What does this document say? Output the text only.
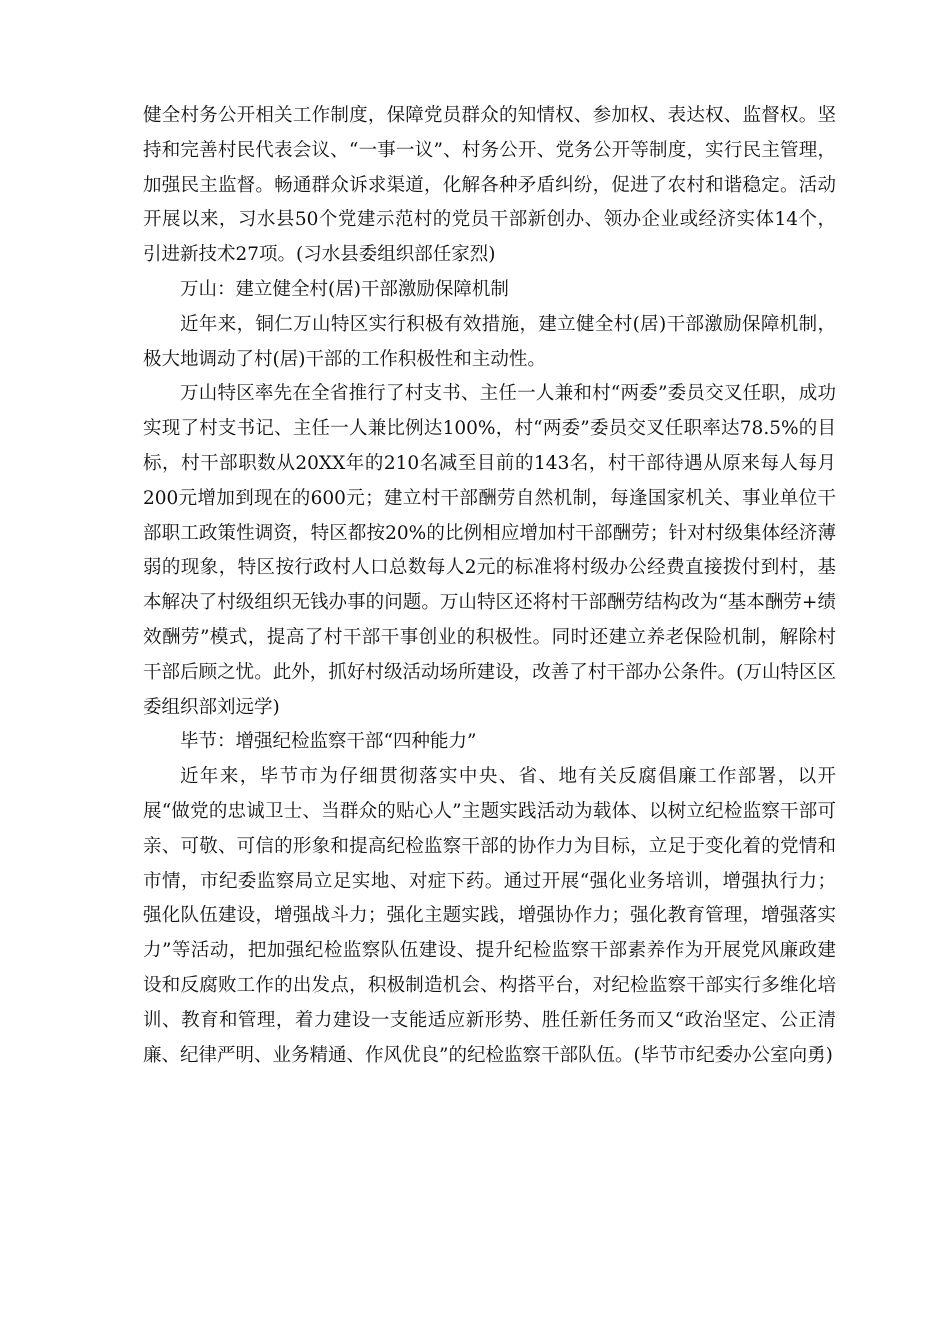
健全村务公开相关工作制度，保障党员群众的知情权、参加权、表达权、监督权。坚持和完善村民代表会议、“一事一议”、村务公开、党务公开等制度，实行民主管理，加强民主监督。畅通群众诉求渠道，化解各种矛盾纠纷，促进了农村和谐稳定。活动开展以来，习水县50个党建示范村的党员干部新创办、领办企业或经济实体14个，引进新技术27项。(习水县委组织部任家烈)

万山：建立健全村(居)干部激励保障机制

近年来，铜仁万山特区实行积极有效措施，建立健全村(居)干部激励保障机制，极大地调动了村(居)干部的工作积极性和主动性。

万山特区率先在全省推行了村支书、主任一人兼和村“两委”委员交叉任职，成功实现了村支书记、主任一人兼比例达100%，村“两委”委员交叉任职率达78.5%的目标，村干部职数从20XX年的210名减至目前的143名，村干部待遇从原来每人每月200元增加到现在的600元；建立村干部酬劳自然机制，每逢国家机关、事业单位干部职工政策性调资，特区都按20%的比例相应增加村干部酬劳；针对村级集体经济薄弱的现象，特区按行政村人口总数每人2元的标准将村级办公经费直接拨付到村，基本解决了村级组织无钱办事的问题。万山特区还将村干部酬劳结构改为“基本酬劳+绩效酬劳”模式，提高了村干部干事创业的积极性。同时还建立养老保险机制，解除村干部后顾之忧。此外，抓好村级活动场所建设，改善了村干部办公条件。(万山特区区委组织部刘远学)

毕节：增强纪检监察干部“四种能力”

近年来，毕节市为仔细贯彻落实中央、省、地有关反腐倡廉工作部署，以开展“做党的忠诚卫士、当群众的贴心人”主题实践活动为载体、以树立纪检监察干部可亲、可敬、可信的形象和提高纪检监察干部的协作力为目标，立足于变化着的党情和市情，市纪委监察局立足实地、对症下药。通过开展“强化业务培训，增强执行力；强化队伍建设，增强战斗力；强化主题实践，增强协作力；强化教育管理，增强落实力”等活动，把加强纪检监察队伍建设、提升纪检监察干部素养作为开展党风廉政建设和反腐败工作的出发点，积极制造机会、构搭平台，对纪检监察干部实行多维化培训、教育和管理，着力建设一支能适应新形势、胜任新任务而又“政治坚定、公正清廉、纪律严明、业务精通、作风优良”的纪检监察干部队伍。(毕节市纪委办公室向勇)
